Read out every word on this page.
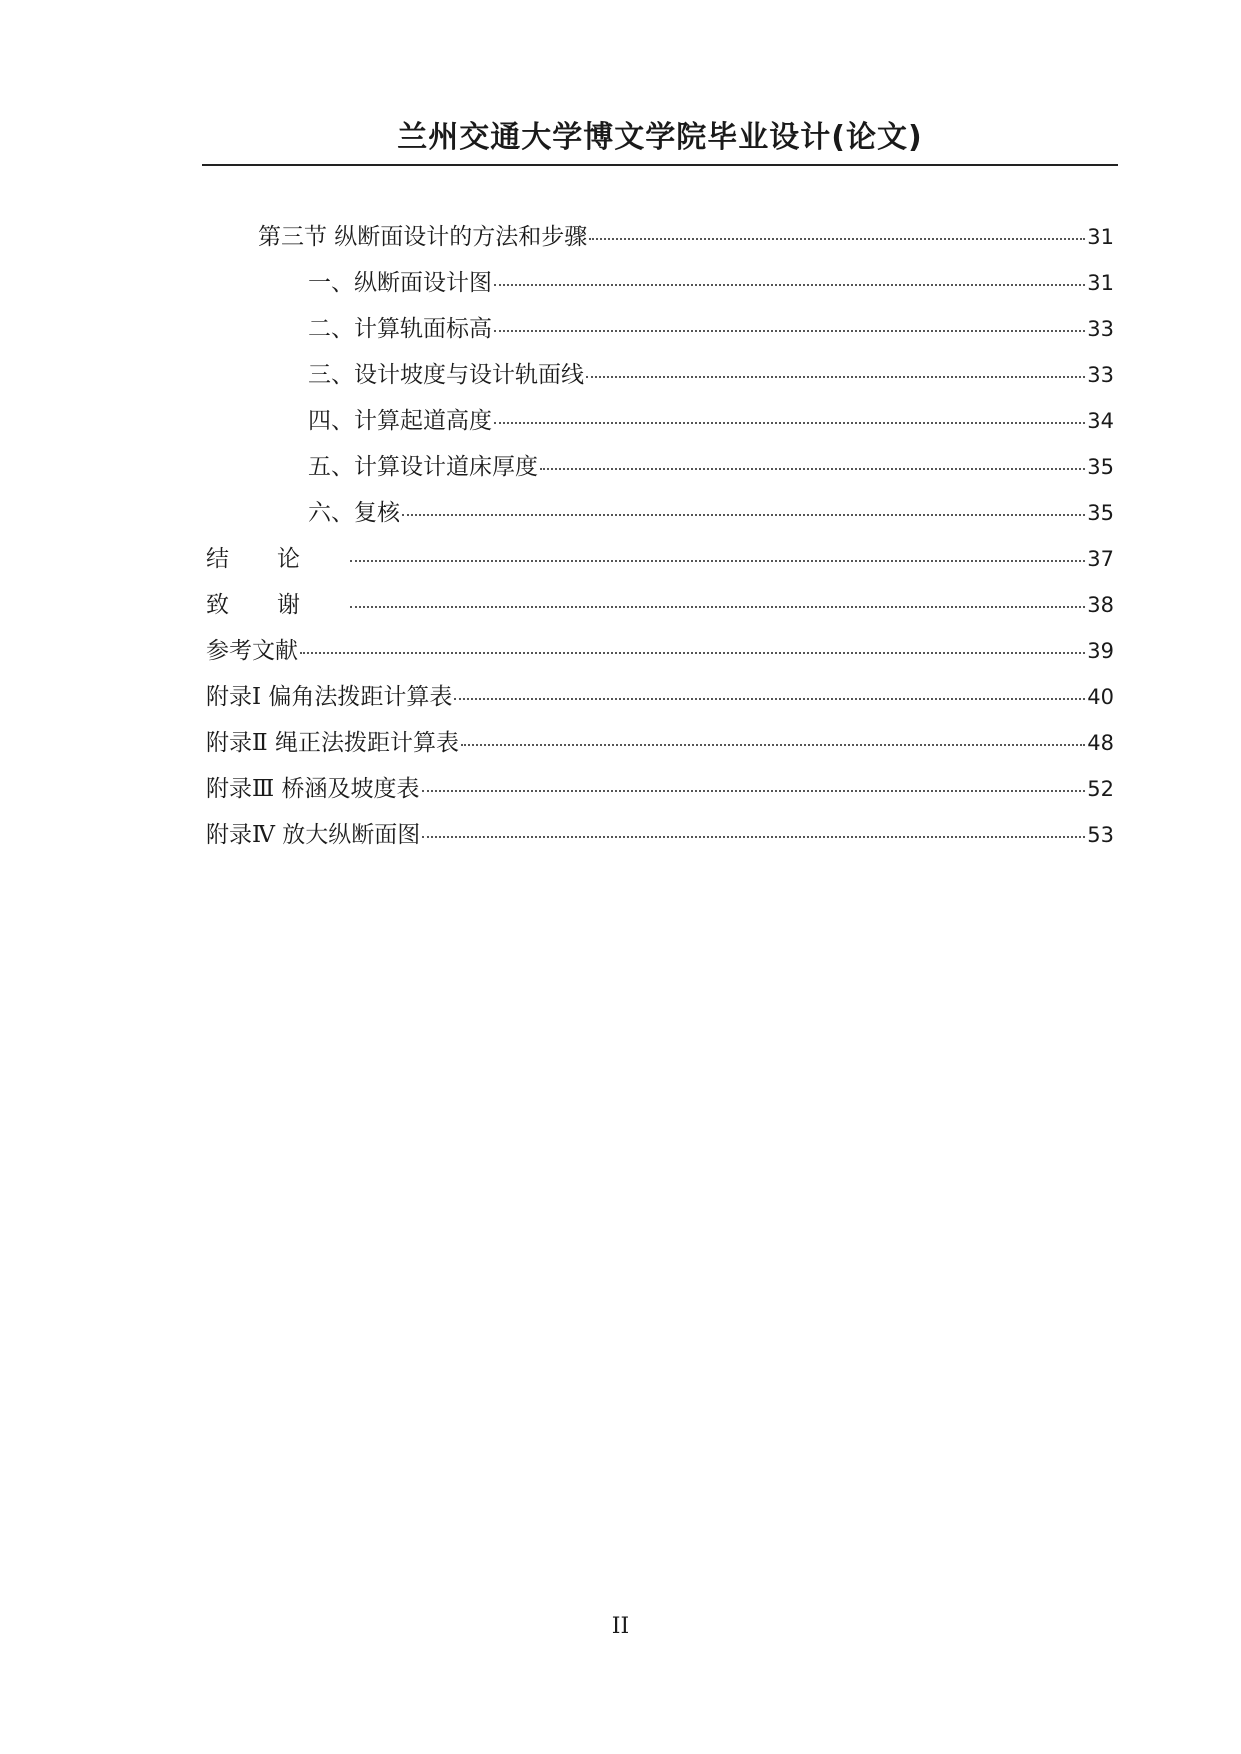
兰州交通大学博文学院毕业设计(论文)
第三节 纵断面设计的方法和步骤	31
一、纵断面设计图	31
二、计算轨面标高	33
三、设计坡度与设计轨面线	33
四、计算起道高度	34
五、计算设计道床厚度	35
六、复核	35
结论	37
致谢	38
参考文献	39
附录Ⅰ 偏角法拨距计算表	40
附录Ⅱ 绳正法拨距计算表	48
附录Ⅲ 桥涵及坡度表	52
附录Ⅳ 放大纵断面图	53
II
